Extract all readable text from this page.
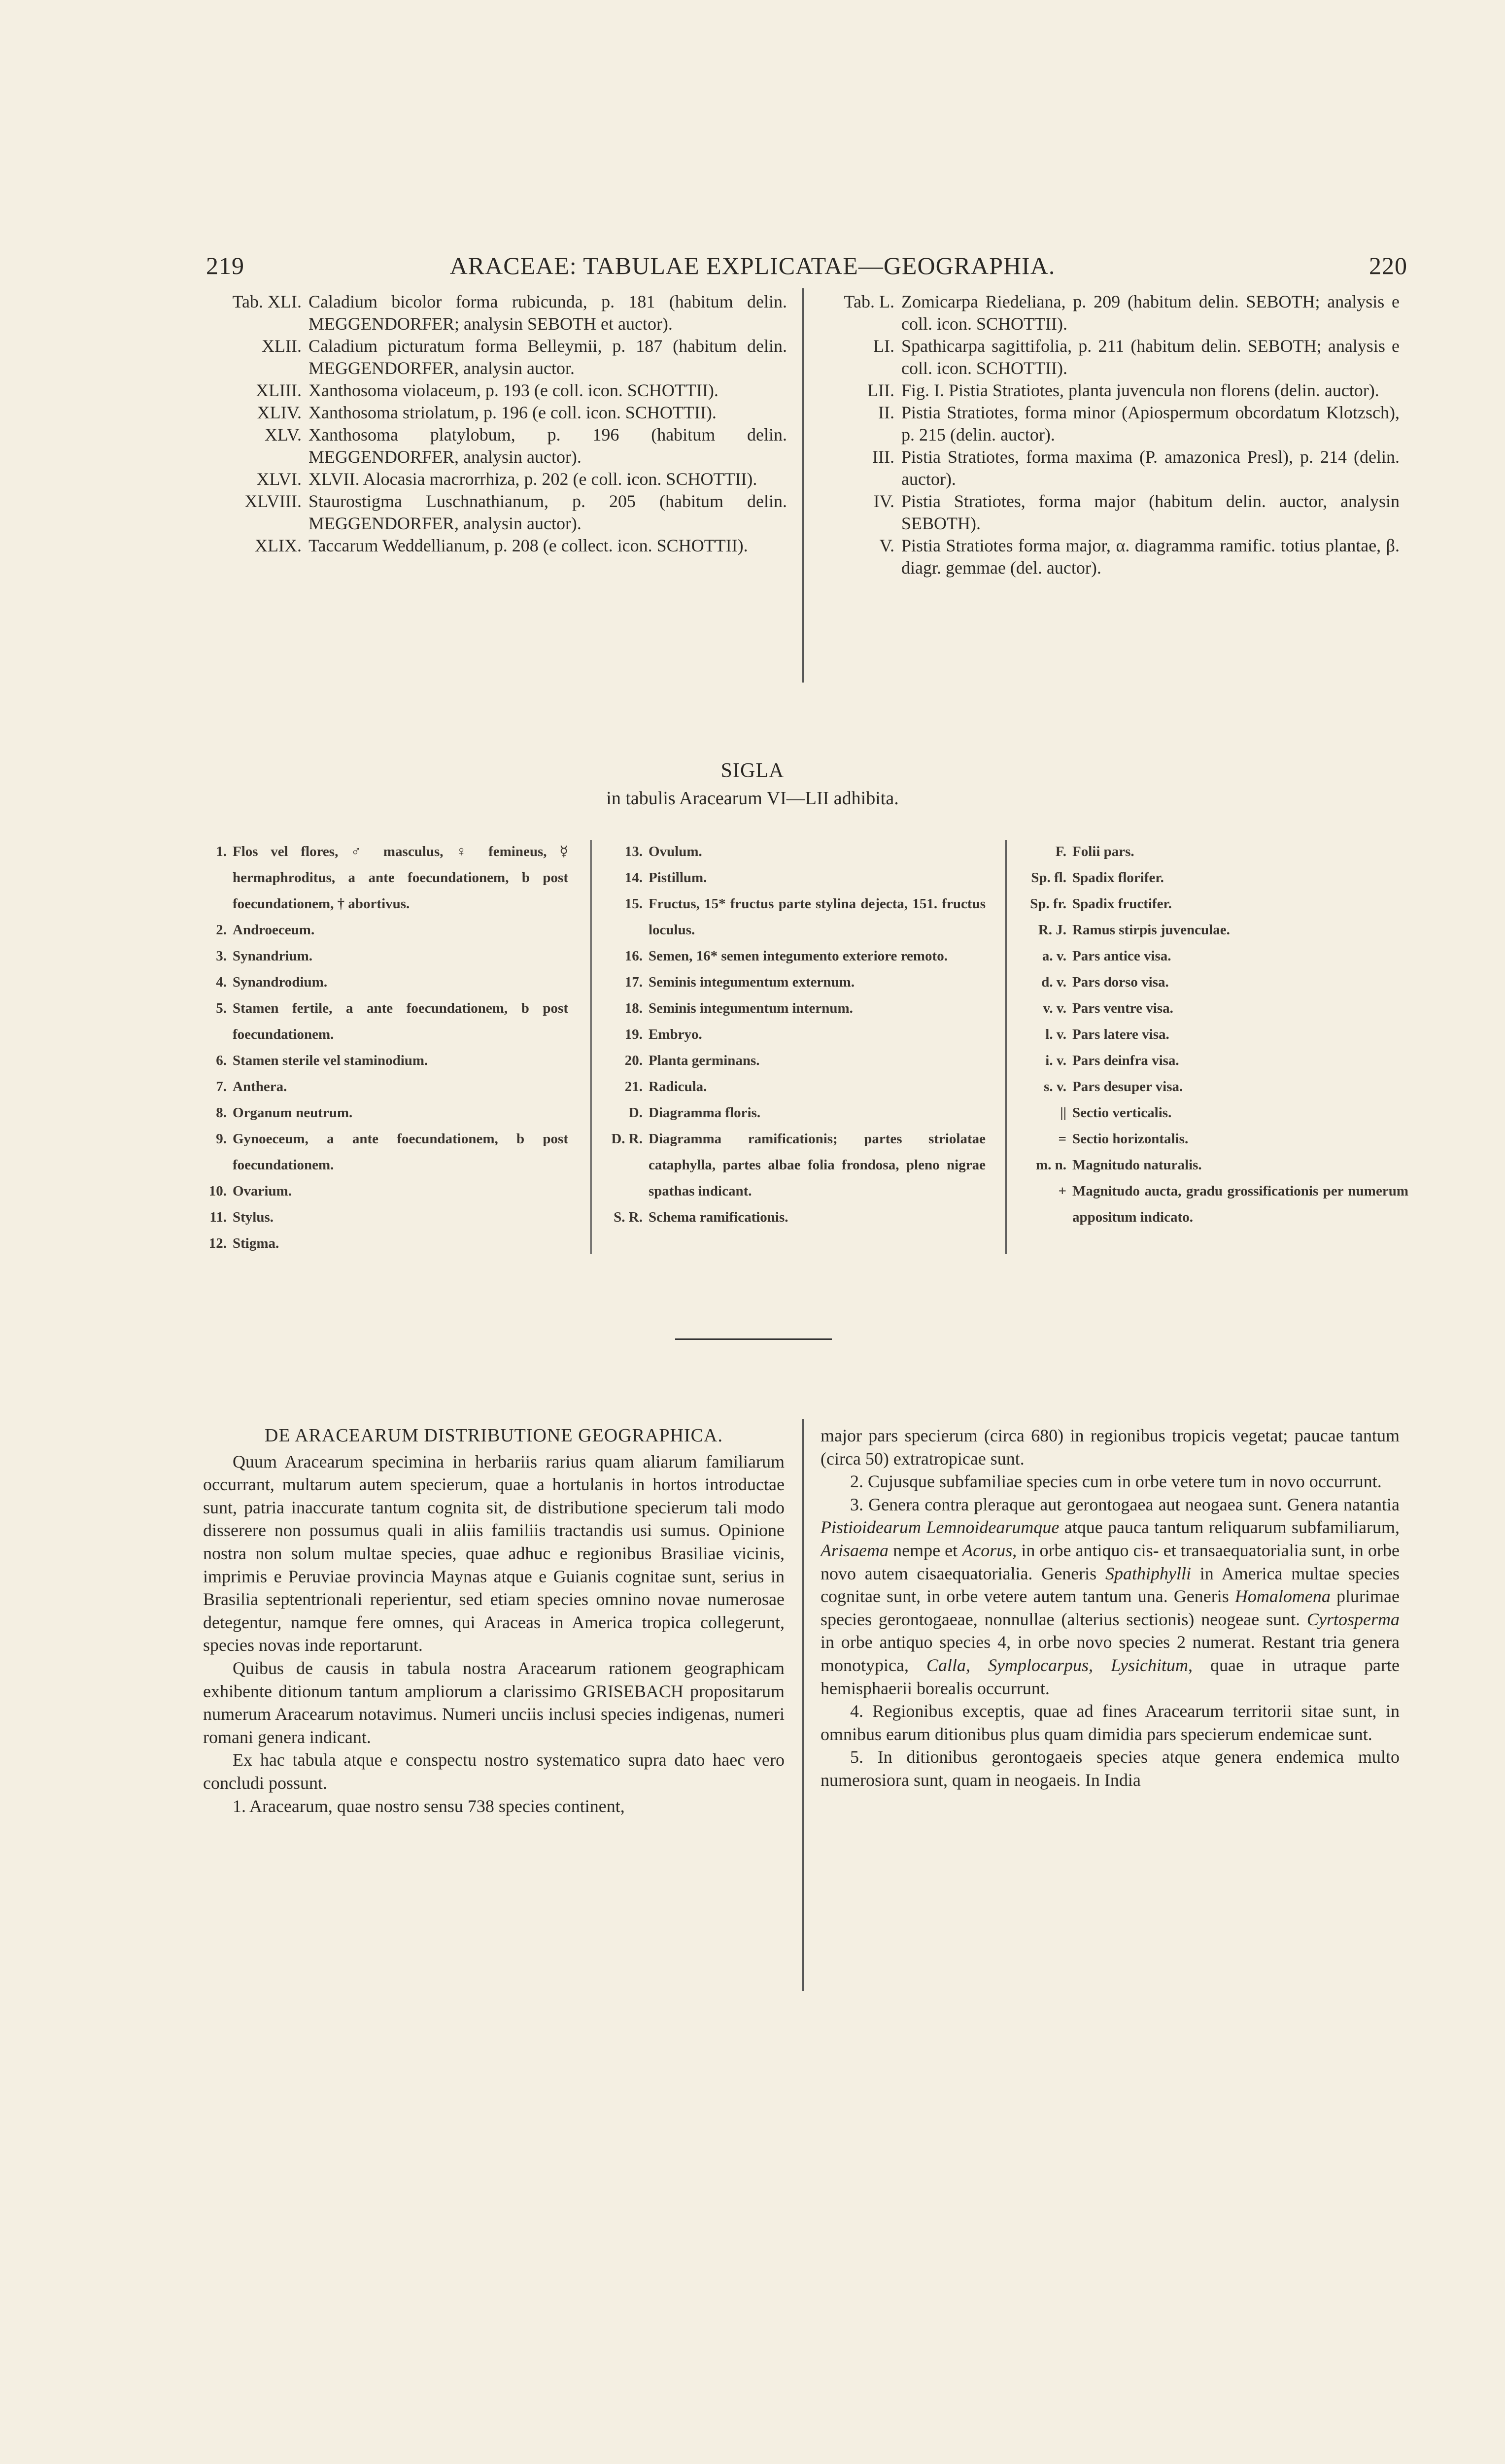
219	ARACEAE: TABULAE EXPLICATAE—GEOGRAPHIA.	220
Tab. XLI. Caladium bicolor forma rubicunda, p. 181 (habitum delin. MEGGENDORFER; analysin SEBOTH et auctor).
XLII. Caladium picturatum forma Belleymii, p. 187 (habitum delin. MEGGENDORFER, analysin auctor.
XLIII. Xanthosoma violaceum, p. 193 (e coll. icon. SCHOTTII).
XLIV. Xanthosoma striolatum, p. 196 (e coll. icon. SCHOTTII).
XLV. Xanthosoma platylobum, p. 196 (habitum delin. MEGGENDORFER, analysin auctor).
XLVI. XLVII. Alocasia macrorrhiza, p. 202 (e coll. icon. SCHOTTII).
XLVIII. Staurostigma Luschnathianum, p. 205 (habitum delin. MEGGENDORFER, analysin auctor).
XLIX. Taccarum Weddellianum, p. 208 (e collect. icon. SCHOTTII).
Tab. L. Zomicarpa Riedeliana, p. 209 (habitum delin. SEBOTH; analysis e coll. icon. SCHOTTII).
LI. Spathicarpa sagittifolia, p. 211 (habitum delin. SEBOTH; analysis e coll. icon. SCHOTTII).
LII. Fig. I. Pistia Stratiotes, planta juvencula non florens (delin. auctor).
II. Pistia Stratiotes, forma minor (Apiospermum obcordatum Klotzsch), p. 215 (delin. auctor).
III. Pistia Stratiotes, forma maxima (P. amazonica Presl), p. 214 (delin. auctor).
IV. Pistia Stratiotes, forma major (habitum delin. auctor, analysin SEBOTH).
V. Pistia Stratiotes forma major, α. diagramma ramific. totius plantae, β. diagr. gemmae (del. auctor).
SIGLA
in tabulis Aracearum VI—LII adhibita.
1. Flos vel flores, ♂ masculus, ♀ femineus, ☿ hermaphroditus, a ante foecundationem, b post foecundationem, † abortivus.
2. Androeceum.
3. Synandrium.
4. Synandrodium.
5. Stamen fertile, a ante foecundationem, b post foecundationem.
6. Stamen sterile vel staminodium.
7. Anthera.
8. Organum neutrum.
9. Gynoeceum, a ante foecundationem, b post foecundationem.
10. Ovarium.
11. Stylus.
12. Stigma.
13. Ovulum.
14. Pistillum.
15. Fructus, 15* fructus parte stylina dejecta, 151. fructus loculus.
16. Semen, 16* semen integumento exteriore remoto.
17. Seminis integumentum externum.
18. Seminis integumentum internum.
19. Embryo.
20. Planta germinans.
21. Radicula.
D. Diagramma floris.
D. R. Diagramma ramificationis; partes striolatae cataphylla, partes albae folia frondosa, pleno nigrae spathas indicant.
S. R. Schema ramificationis.
F. Folii pars.
Sp. fl. Spadix florifer.
Sp. fr. Spadix fructifer.
R. J. Ramus stirpis juvenculae.
a. v. Pars antice visa.
d. v. Pars dorso visa.
v. v. Pars ventre visa.
l. v. Pars latere visa.
i. v. Pars deinfra visa.
s. v. Pars desuper visa.
|| Sectio verticalis.
= Sectio horizontalis.
m. n. Magnitudo naturalis.
+ Magnitudo aucta, gradu grossificationis per numerum appositum indicato.
DE ARACEARUM DISTRIBUTIONE GEOGRAPHICA.

Quum Aracearum specimina in herbariis rarius quam aliarum familiarum occurrant, multarum autem specierum, quae a hortulanis in hortos introductae sunt, patria inaccurate tantum cognita sit, de distributione specierum tali modo disserere non possumus quali in aliis familiis tractandis usi sumus. Opinione nostra non solum multae species, quae adhuc e regionibus Brasiliae vicinis, imprimis e Peruviae provincia Maynas atque e Guianis cognitae sunt, serius in Brasilia septentrionali reperientur, sed etiam species omnino novae numerosae detegentur, namque fere omnes, qui Araceas in America tropica collegerunt, species novas inde reportarunt.

Quibus de causis in tabula nostra Aracearum rationem geographicam exhibente ditionum tantum ampliorum a clarissimo GRISEBACH propositarum numerum Aracearum notavimus. Numeri unciis inclusi species indigenas, numeri romani genera indicant.

Ex hac tabula atque e conspectu nostro systematico supra dato haec vero concludi possunt.

1. Aracearum, quae nostro sensu 738 species continent,

major pars specierum (circa 680) in regionibus tropicis vegetat; paucae tantum (circa 50) extratropicae sunt.

2. Cujusque subfamiliae species cum in orbe vetere tum in novo occurrunt.

3. Genera contra pleraque aut gerontogaea aut neogaea sunt. Genera natantia Pistioidearum Lemnoidearumque atque pauca tantum reliquarum subfamiliarum, Arisaema nempe et Acorus, in orbe antiquo cis- et transaequatorialia sunt, in orbe novo autem cisaequatorialia. Generis Spathiphylli in America multae species cognitae sunt, in orbe vetere autem tantum una. Generis Homalomena plurimae species gerontogaeae, nonnullae (alterius sectionis) neogeae sunt. Cyrtosperma in orbe antiquo species 4, in orbe novo species 2 numerat. Restant tria genera monotypica, Calla, Symplocarpus, Lysichitum, quae in utraque parte hemisphaerii borealis occurrunt.

4. Regionibus exceptis, quae ad fines Aracearum territorii sitae sunt, in omnibus earum ditionibus plus quam dimidia pars specierum endemicae sunt.

5. In ditionibus gerontogaeis species atque genera endemica multo numerosiora sunt, quam in neogaeis. In India
